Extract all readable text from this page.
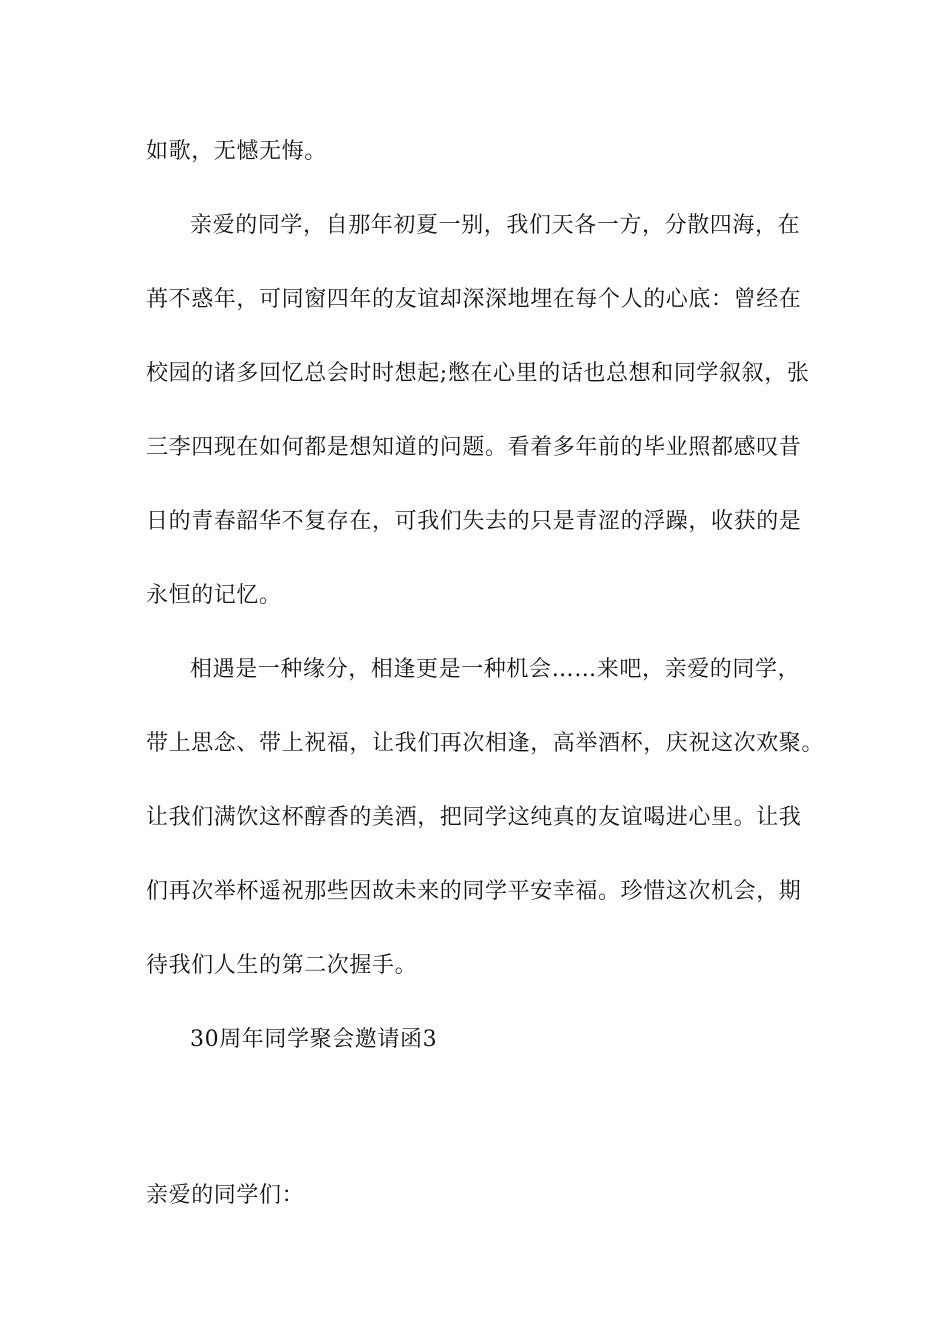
如歌，无憾无悔。
亲爱的同学，自那年初夏一别，我们天各一方，分散四海，在
苒不惑年，可同窗四年的友谊却深深地埋在每个人的心底：曾经在
校园的诸多回忆总会时时想起;憋在心里的话也总想和同学叙叙，张
三李四现在如何都是想知道的问题。看着多年前的毕业照都感叹昔
日的青春韶华不复存在，可我们失去的只是青涩的浮躁，收获的是
永恒的记忆。
相遇是一种缘分，相逢更是一种机会……来吧，亲爱的同学，
带上思念、带上祝福，让我们再次相逢，高举酒杯，庆祝这次欢聚。
让我们满饮这杯醇香的美酒，把同学这纯真的友谊喝进心里。让我
们再次举杯遥祝那些因故未来的同学平安幸福。珍惜这次机会，期
待我们人生的第二次握手。
30周年同学聚会邀请函3
亲爱的同学们：
